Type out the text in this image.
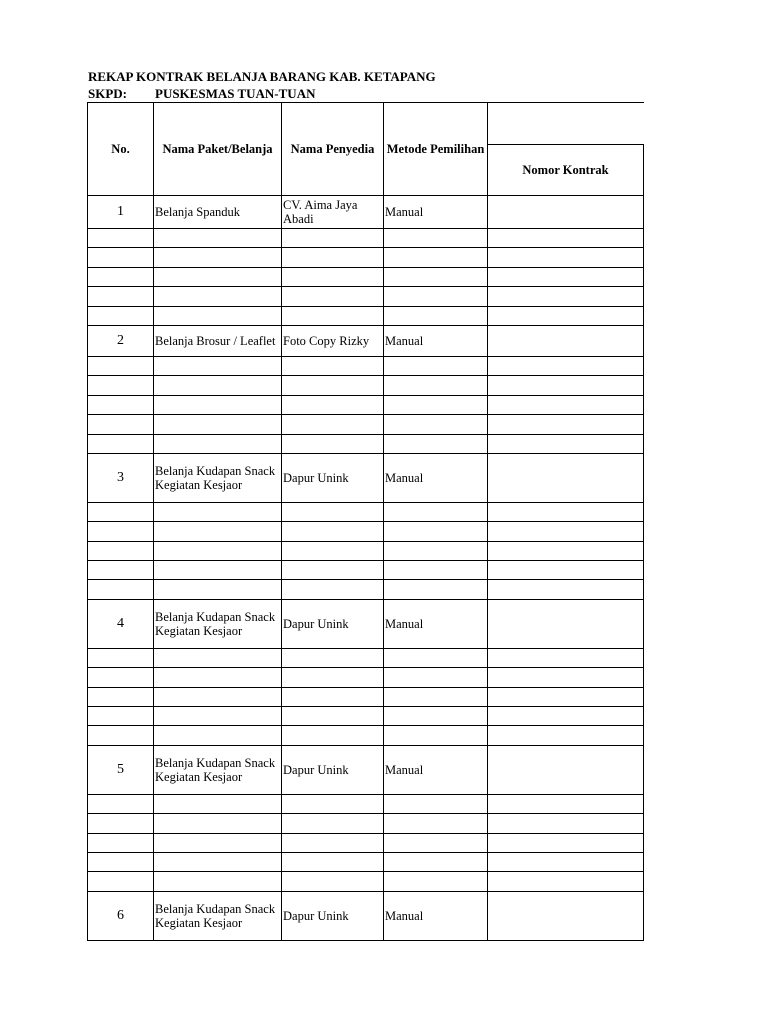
REKAP KONTRAK BELANJA BARANG KAB. KETAPANG
SKPD: PUSKESMAS TUAN-TUAN
No.	Nama Paket/Belanja	Nama Penyedia	Metode Pemilihan	
				Nomor Kontrak
1	Belanja Spanduk	CV. Aima Jaya Abadi	Manual	

2	Belanja Brosur / Leaflet	Foto Copy Rizky	Manual	

3	Belanja Kudapan Snack Kegiatan Kesjaor	Dapur Unink	Manual	

4	Belanja Kudapan Snack Kegiatan Kesjaor	Dapur Unink	Manual	

5	Belanja Kudapan Snack Kegiatan Kesjaor	Dapur Unink	Manual	

6	Belanja Kudapan Snack Kegiatan Kesjaor	Dapur Unink	Manual	
